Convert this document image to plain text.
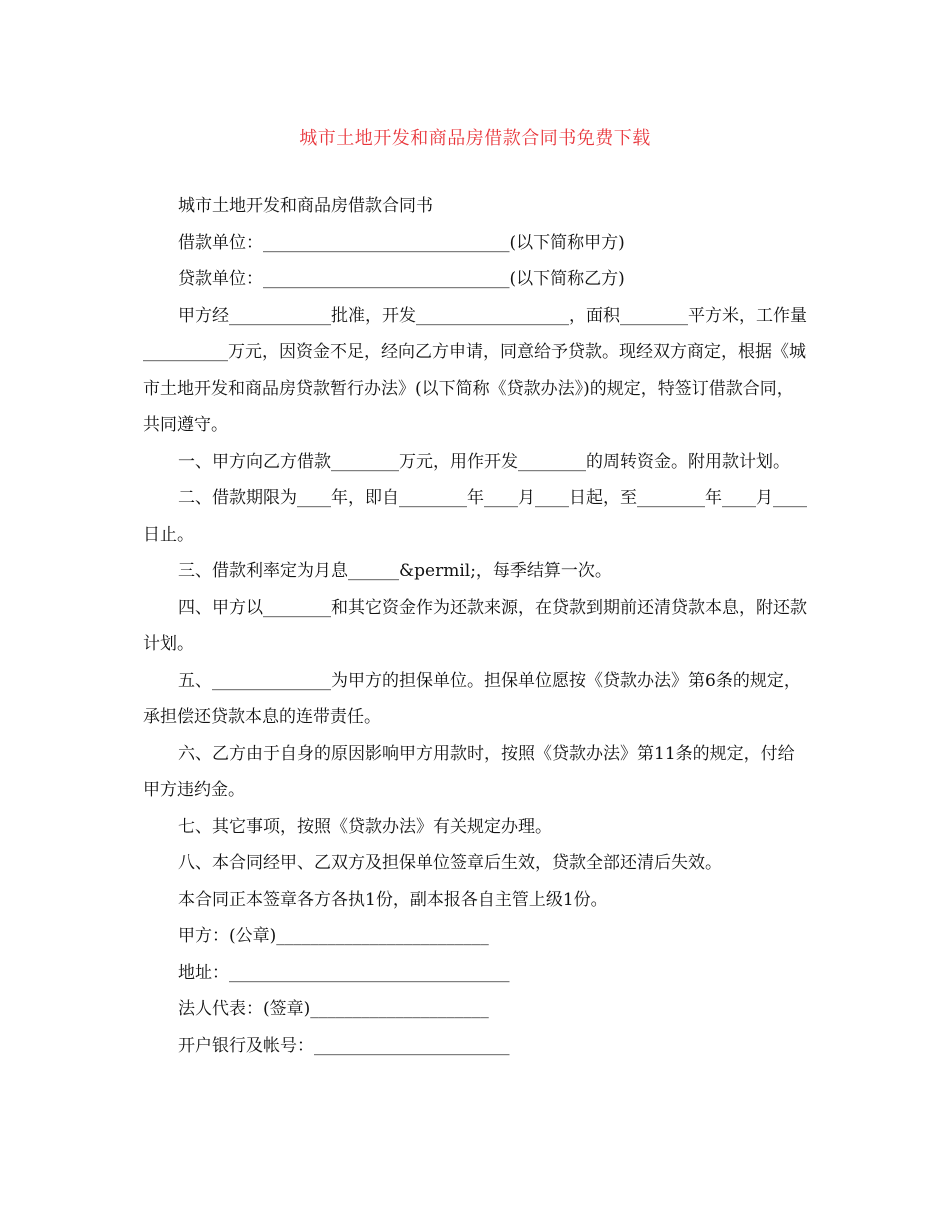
城市土地开发和商品房借款合同书免费下载

城市土地开发和商品房借款合同书

借款单位：_____________________________(以下简称甲方)

贷款单位：_____________________________(以下简称乙方)

甲方经____________批准，开发__________________，面积________平方米，工作量__________万元，因资金不足，经向乙方申请，同意给予贷款。现经双方商定，根据《城市土地开发和商品房贷款暂行办法》(以下简称《贷款办法》)的规定，特签订借款合同，共同遵守。

一、甲方向乙方借款________万元，用作开发________的周转资金。附用款计划。

二、借款期限为____年，即自________年____月____日起，至________年____月____日止。

三、借款利率定为月息______&permil;，每季结算一次。

四、甲方以________和其它资金作为还款来源，在贷款到期前还清贷款本息，附还款计划。

五、______________为甲方的担保单位。担保单位愿按《贷款办法》第6条的规定，承担偿还贷款本息的连带责任。

六、乙方由于自身的原因影响甲方用款时，按照《贷款办法》第11条的规定，付给甲方违约金。

七、其它事项，按照《贷款办法》有关规定办理。

八、本合同经甲、乙双方及担保单位签章后生效，贷款全部还清后失效。

本合同正本签章各方各执1份，副本报各自主管上级1份。

甲方：(公章)_________________________

地址：_________________________________

法人代表：(签章)_____________________

开户银行及帐号：_______________________
